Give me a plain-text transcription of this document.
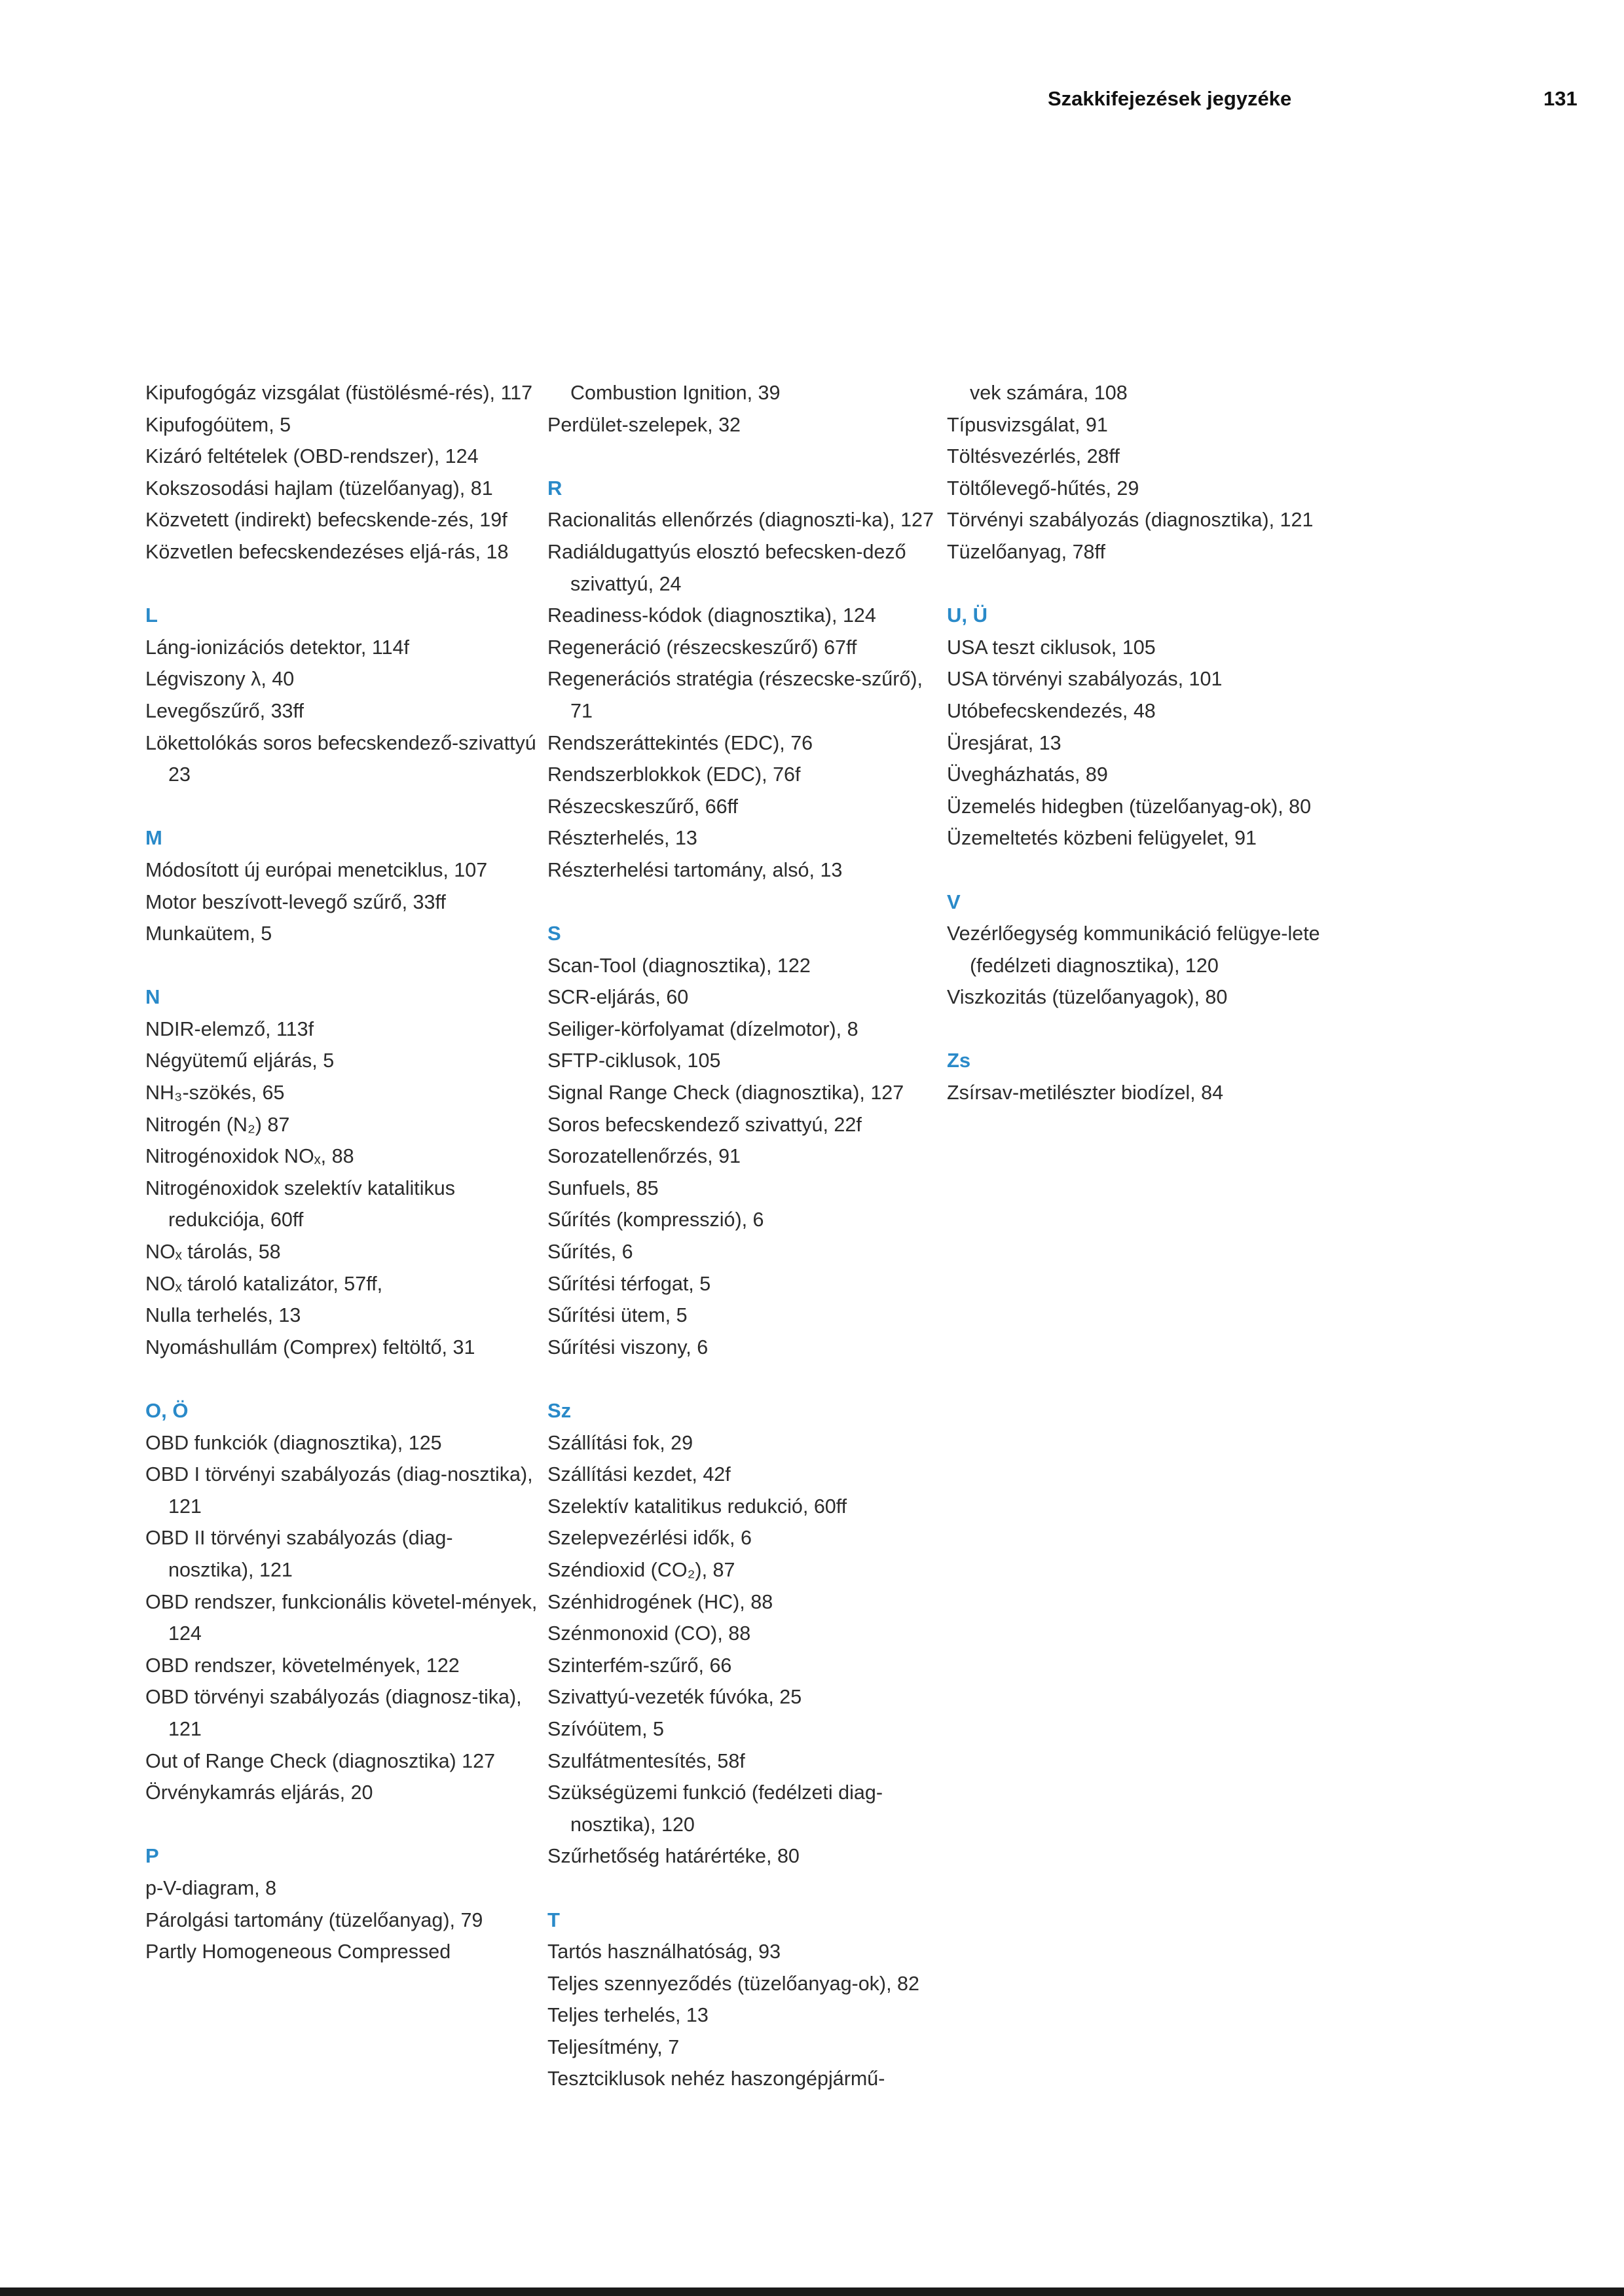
Szakkifejezések jegyzéke	131

Kipufogógáz vizsgálat (füstölésmé-rés), 117

Kipufogóütem, 5

Kizáró feltételek (OBD-rendszer), 124

Kokszosodási hajlam (tüzelőanyag), 81

Közvetett (indirekt) befecskende-zés, 19f

Közvetlen befecskendezéses eljá-rás, 18

L

Láng-ionizációs detektor, 114f

Légviszony λ, 40

Levegőszűrő, 33ff

Lökettolókás soros befecskendező-szivattyú 23

M

Módosított új európai menetciklus, 107

Motor beszívott-levegő szűrő, 33ff

Munkaütem, 5

N

NDIR-elemző, 113f

Négyütemű eljárás, 5

NH₃-szökés, 65

Nitrogén (N₂) 87

Nitrogénoxidok NOₓ, 88

Nitrogénoxidok szelektív katalitikus redukciója, 60ff

NOₓ tárolás, 58

NOₓ tároló katalizátor, 57ff,

Nulla terhelés, 13

Nyomáshullám (Comprex) feltöltő, 31

O, Ö

OBD funkciók (diagnosztika), 125

OBD I törvényi szabályozás (diag-nosztika), 121

OBD II törvényi szabályozás (diag-nosztika), 121

OBD rendszer, funkcionális követel-mények, 124

OBD rendszer, követelmények, 122

OBD törvényi szabályozás (diagnosz-tika), 121

Out of Range Check (diagnosztika) 127

Örvénykamrás eljárás, 20

P

p-V-diagram, 8

Párolgási tartomány (tüzelőanyag), 79

Partly Homogeneous Compressed

Combustion Ignition, 39

Perdület-szelepek, 32

R

Racionalitás ellenőrzés (diagnoszti-ka), 127

Radiáldugattyús elosztó befecsken-dező szivattyú, 24

Readiness-kódok (diagnosztika), 124

Regeneráció (részecskeszűrő) 67ff

Regenerációs stratégia (részecske-szűrő), 71

Rendszeráttekintés (EDC), 76

Rendszerblokkok (EDC), 76f

Részecskeszűrő, 66ff

Részterhelés, 13

Részterhelési tartomány, alsó, 13

S

Scan-Tool (diagnosztika), 122

SCR-eljárás, 60

Seiliger-körfolyamat (dízelmotor), 8

SFTP-ciklusok, 105

Signal Range Check (diagnosztika), 127

Soros befecskendező szivattyú, 22f

Sorozatellenőrzés, 91

Sunfuels, 85

Sűrítés (kompresszió), 6

Sűrítés, 6

Sűrítési térfogat, 5

Sűrítési ütem, 5

Sűrítési viszony, 6

Sz

Szállítási fok, 29

Szállítási kezdet, 42f

Szelektív katalitikus redukció, 60ff

Szelepvezérlési idők, 6

Széndioxid (CO₂), 87

Szénhidrogének (HC), 88

Szénmonoxid (CO), 88

Szinterfém-szűrő, 66

Szivattyú-vezeték fúvóka, 25

Szívóütem, 5

Szulfátmentesítés, 58f

Szükségüzemi funkció (fedélzeti diag-nosztika), 120

Szűrhetőség határértéke, 80

T

Tartós használhatóság, 93

Teljes szennyeződés (tüzelőanyag-ok), 82

Teljes terhelés, 13

Teljesítmény, 7

Tesztciklusok nehéz haszongépjármű-

vek számára, 108

Típusvizsgálat, 91

Töltésvezérlés, 28ff

Töltőlevegő-hűtés, 29

Törvényi szabályozás (diagnosztika), 121

Tüzelőanyag, 78ff

U, Ü

USA teszt ciklusok, 105

USA törvényi szabályozás, 101

Utóbefecskendezés, 48

Üresjárat, 13

Üvegházhatás, 89

Üzemelés hidegben (tüzelőanyag-ok), 80

Üzemeltetés közbeni felügyelet, 91

V

Vezérlőegység kommunikáció felügye-lete (fedélzeti diagnosztika), 120

Viszkozitás (tüzelőanyagok), 80

Zs

Zsírsav-metilészter biodízel, 84
